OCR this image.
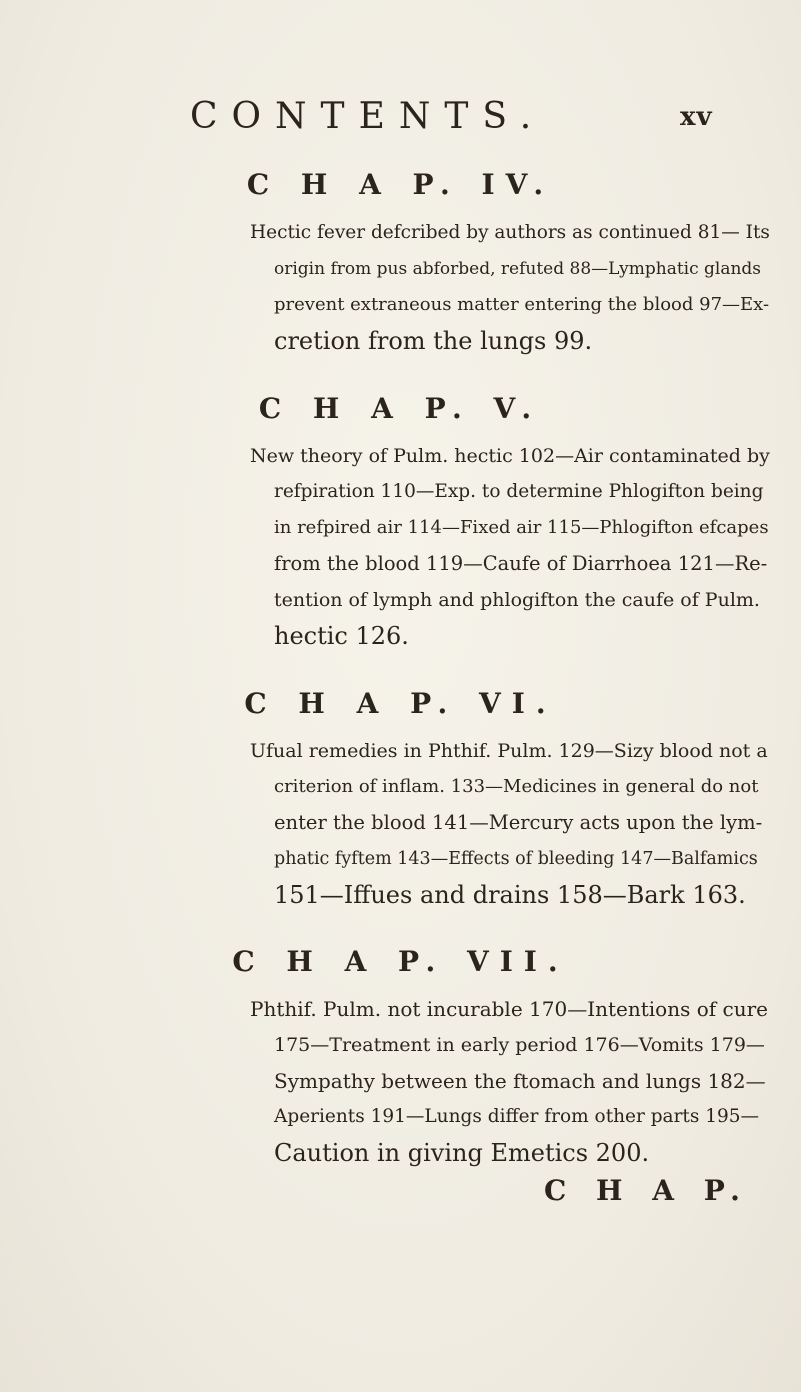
CONTENTS.	xv
C H A P. IV.
Hectic fever defcribed by authors as continued 81— Its
origin from pus abforbed, refuted 88—Lymphatic glands
prevent extraneous matter entering the blood 97—Ex-
cretion from the lungs 99.
C H A P. V.
New theory of Pulm. hectic 102—Air contaminated by
refpiration 110—Exp. to determine Phlogifton being
in refpired air 114—Fixed air 115—Phlogifton efcapes
from the blood 119—Caufe of Diarrhoea 121—Re-
tention of lymph and phlogifton the caufe of Pulm.
hectic 126.
C H A P. VI.
Ufual remedies in Phthif. Pulm. 129—Sizy blood not a
criterion of inflam. 133—Medicines in general do not
enter the blood 141—Mercury acts upon the lym-
phatic fyftem 143—Effects of bleeding 147—Balfamics
151—Iffues and drains 158—Bark 163.
C H A P. VII.
Phthif. Pulm. not incurable 170—Intentions of cure
175—Treatment in early period 176—Vomits 179—
Sympathy between the ftomach and lungs 182—
Aperients 191—Lungs differ from other parts 195—
Caution in giving Emetics 200.
C H A P.
